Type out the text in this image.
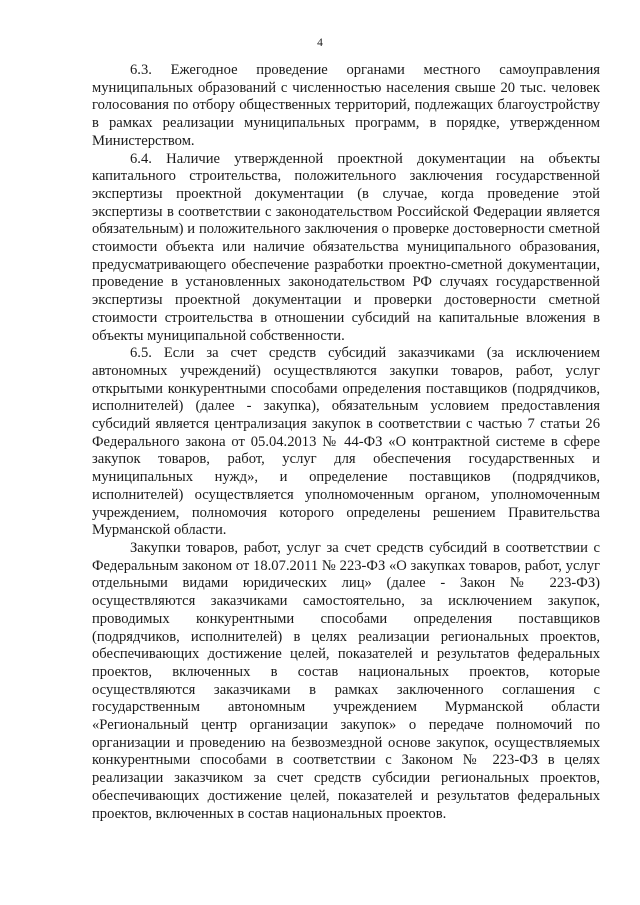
4

6.3. Ежегодное проведение органами местного самоуправления муниципальных образований с численностью населения свыше 20 тыс. человек голосования по отбору общественных территорий, подлежащих благоустройству в рамках реализации муниципальных программ, в порядке, утвержденном Министерством.

6.4. Наличие утвержденной проектной документации на объекты капитального строительства, положительного заключения государственной экспертизы проектной документации (в случае, когда проведение этой экспертизы в соответствии с законодательством Российской Федерации является обязательным) и положительного заключения о проверке достоверности сметной стоимости объекта или наличие обязательства муниципального образования, предусматривающего обеспечение разработки проектно-сметной документации, проведение в установленных законодательством РФ случаях государственной экспертизы проектной документации и проверки достоверности сметной стоимости строительства в отношении субсидий на капитальные вложения в объекты муниципальной собственности.

6.5. Если за счет средств субсидий заказчиками (за исключением автономных учреждений) осуществляются закупки товаров, работ, услуг открытыми конкурентными способами определения поставщиков (подрядчиков, исполнителей) (далее - закупка), обязательным условием предоставления субсидий является централизация закупок в соответствии с частью 7 статьи 26 Федерального закона от 05.04.2013 № 44-ФЗ «О контрактной системе в сфере закупок товаров, работ, услуг для обеспечения государственных и муниципальных нужд», и определение поставщиков (подрядчиков, исполнителей) осуществляется уполномоченным органом, уполномоченным учреждением, полномочия которого определены решением Правительства Мурманской области.

Закупки товаров, работ, услуг за счет средств субсидий в соответствии с Федеральным законом от 18.07.2011 № 223-ФЗ «О закупках товаров, работ, услуг отдельными видами юридических лиц» (далее - Закон № 223-ФЗ) осуществляются заказчиками самостоятельно, за исключением закупок, проводимых конкурентными способами определения поставщиков (подрядчиков, исполнителей) в целях реализации региональных проектов, обеспечивающих достижение целей, показателей и результатов федеральных проектов, включенных в состав национальных проектов, которые осуществляются заказчиками в рамках заключенного соглашения с государственным автономным учреждением Мурманской области «Региональный центр организации закупок» о передаче полномочий по организации и проведению на безвозмездной основе закупок, осуществляемых конкурентными способами в соответствии с Законом № 223-ФЗ в целях реализации заказчиком за счет средств субсидии региональных проектов, обеспечивающих достижение целей, показателей и результатов федеральных проектов, включенных в состав национальных проектов.
